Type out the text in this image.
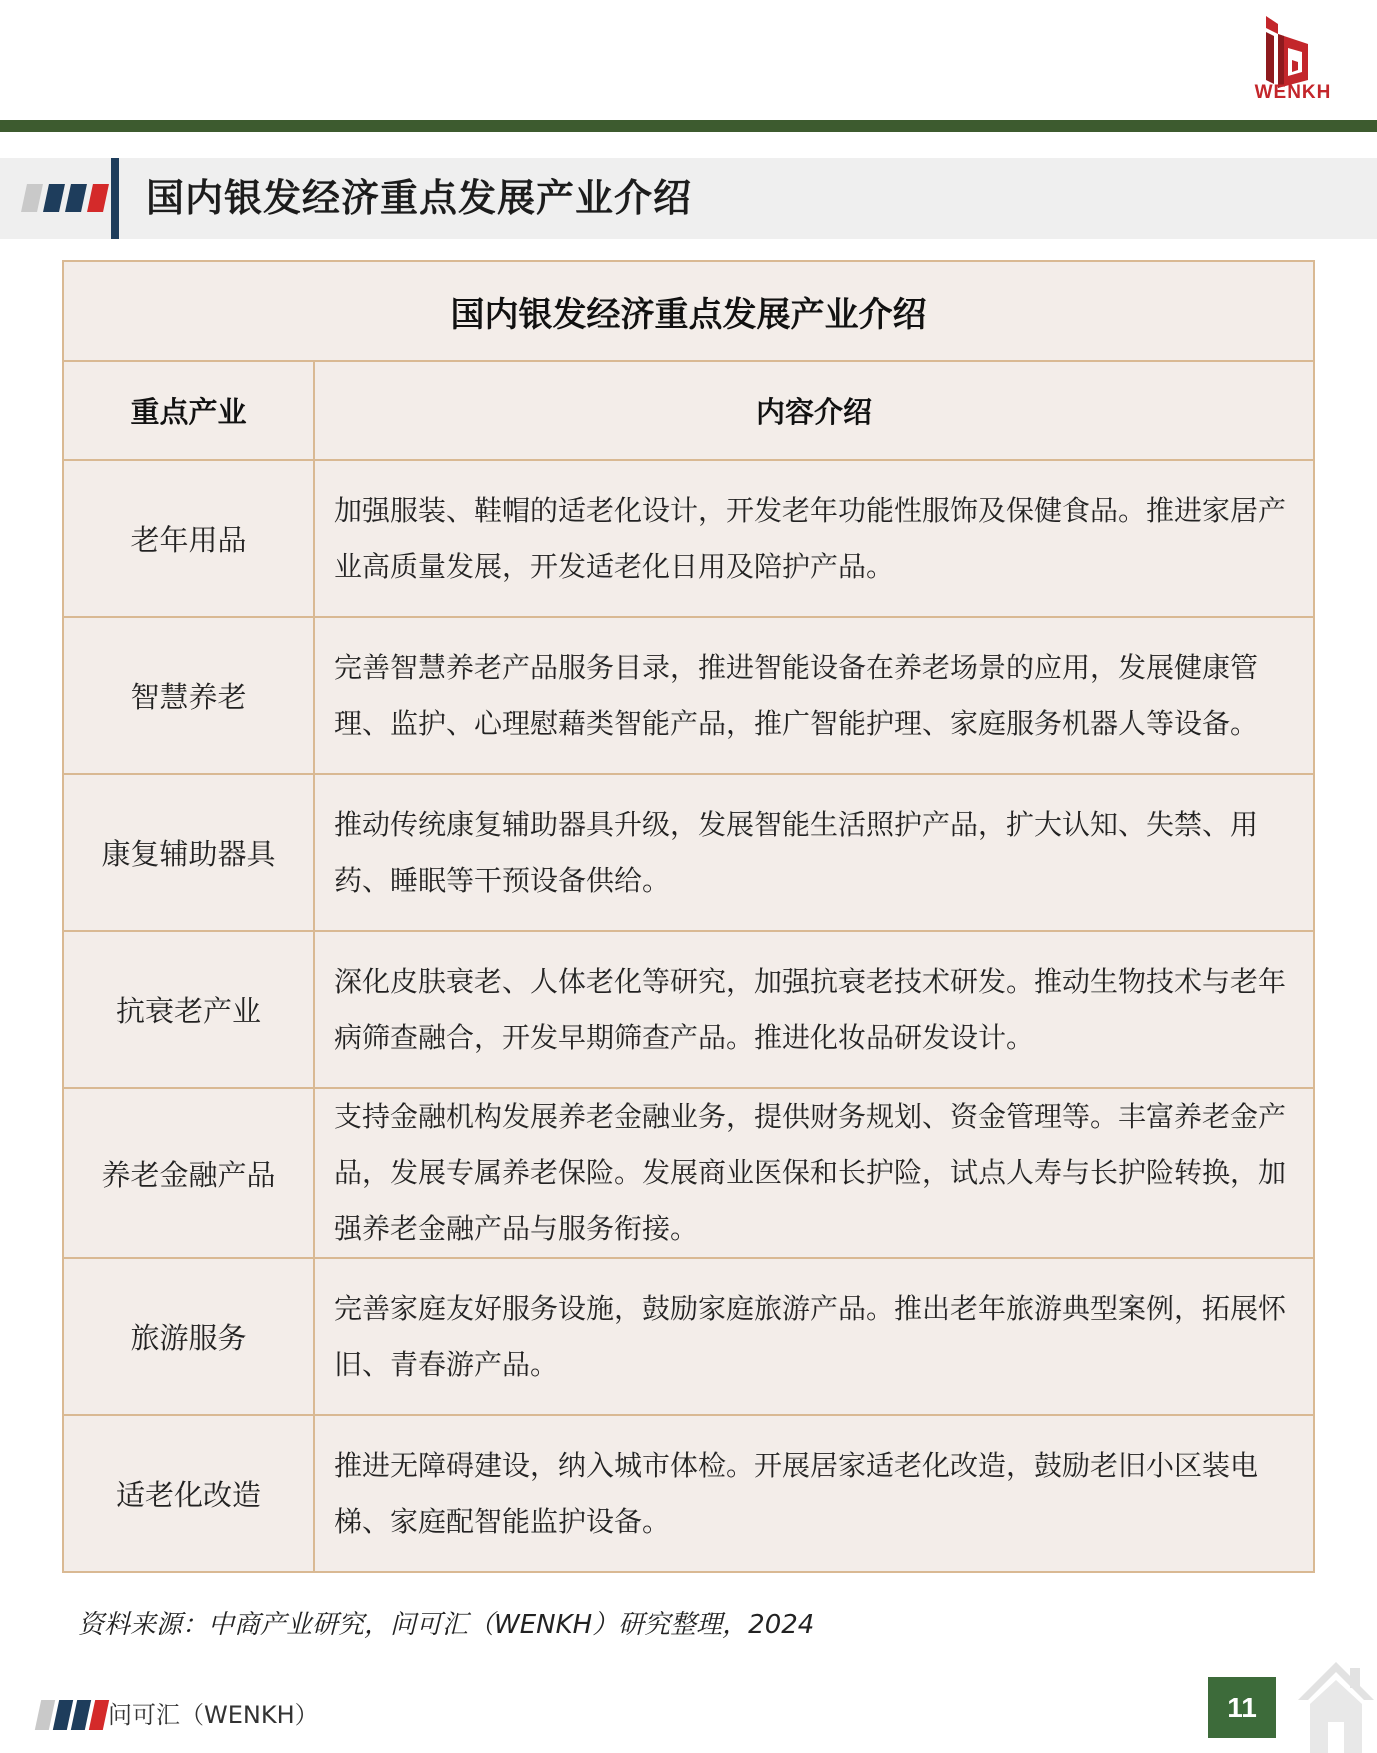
WENKH
国内银发经济重点发展产业介绍
国内银发经济重点发展产业介绍	
重点产业	内容介绍
老年用品	加强服装、鞋帽的适老化设计，开发老年功能性服饰及保健食品。推进家居产业高质量发展，开发适老化日用及陪护产品。
智慧养老	完善智慧养老产品服务目录，推进智能设备在养老场景的应用，发展健康管理、监护、心理慰藉类智能产品，推广智能护理、家庭服务机器人等设备。
康复辅助器具	推动传统康复辅助器具升级，发展智能生活照护产品，扩大认知、失禁、用药、睡眠等干预设备供给。
抗衰老产业	深化皮肤衰老、人体老化等研究，加强抗衰老技术研发。推动生物技术与老年病筛查融合，开发早期筛查产品。推进化妆品研发设计。
养老金融产品	支持金融机构发展养老金融业务，提供财务规划、资金管理等。丰富养老金产品，发展专属养老保险。发展商业医保和长护险，试点人寿与长护险转换，加强养老金融产品与服务衔接。
旅游服务	完善家庭友好服务设施，鼓励家庭旅游产品。推出老年旅游典型案例，拓展怀旧、青春游产品。
适老化改造	推进无障碍建设，纳入城市体检。开展居家适老化改造，鼓励老旧小区装电梯、家庭配智能监护设备。
资料来源：中商产业研究，问可汇（WENKH）研究整理，2024
问可汇（WENKH）	11
